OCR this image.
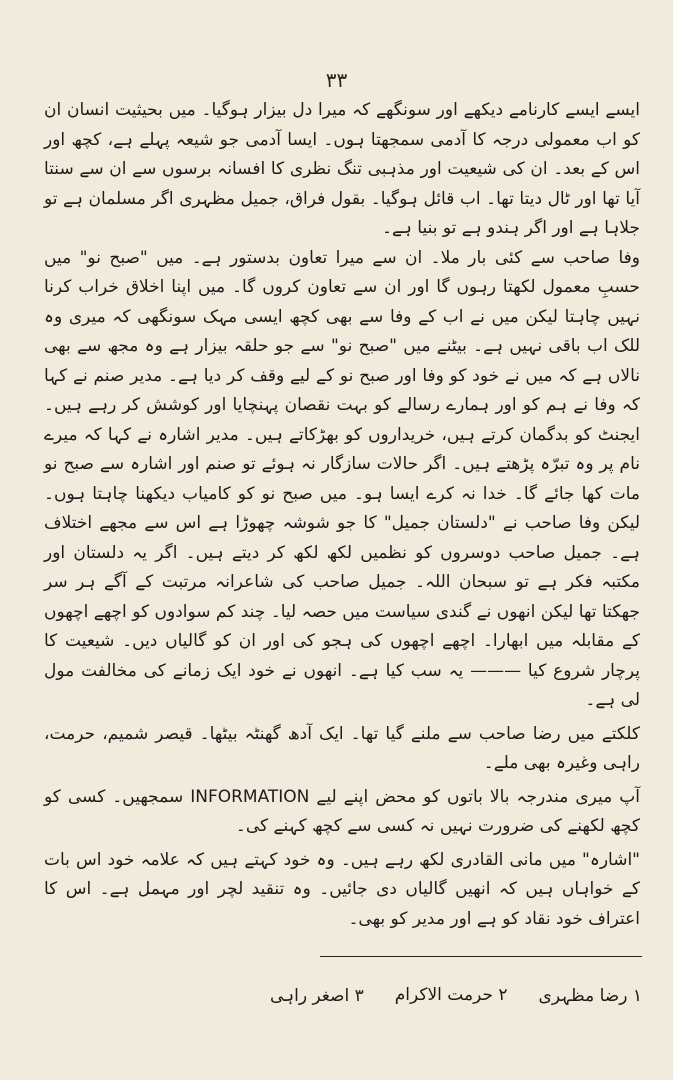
۳۳

ایسے ایسے کارنامے دیکھے اور سونگھے کہ میرا دل بیزار ہوگیا۔ میں بحیثیت انسان ان کو اب معمولی درجہ کا آدمی سمجھتا ہوں۔ ایسا آدمی جو شیعہ پہلے ہے، کچھ اور اس کے بعد۔ ان کی شیعیت اور مذہبی تنگ نظری کا افسانہ برسوں سے ان سے سنتا آیا تھا اور ٹال دیتا تھا۔ اب قائل ہوگیا۔ بقول فراق، جمیل مظہری اگر مسلمان ہے تو جلاہا ہے اور اگر ہندو ہے تو بنیا ہے۔

وفا صاحب سے کئی بار ملا۔ ان سے میرا تعاون بدستور ہے۔ میں "صبح نو" میں حسبِ معمول لکھتا رہوں گا اور ان سے تعاون کروں گا۔ میں اپنا اخلاق خراب کرنا نہیں چاہتا لیکن میں نے اب کے وفا سے بھی کچھ ایسی مہک سونگھی کہ میری وہ للک اب باقی نہیں ہے۔ بیٹنے میں "صبح نو" سے جو حلقہ بیزار ہے وہ مجھ سے بھی نالاں ہے کہ میں نے خود کو وفا اور صبح نو کے لیے وقف کر دیا ہے۔ مدیر صنم نے کہا کہ وفا نے ہم کو اور ہمارے رسالے کو بہت نقصان پہنچایا اور کوشش کر رہے ہیں۔ ایجنٹ کو بدگمان کرتے ہیں، خریداروں کو بھڑکاتے ہیں۔ مدیر اشارہ نے کہا کہ میرے نام پر وہ تبرّہ پڑھتے ہیں۔ اگر حالات سازگار نہ ہوئے تو صنم اور اشارہ سے صبح نو مات کھا جائے گا۔ خدا نہ کرے ایسا ہو۔ میں صبح نو کو کامیاب دیکھنا چاہتا ہوں۔ لیکن وفا صاحب نے "دلستان جمیل" کا جو شوشہ چھوڑا ہے اس سے مجھے اختلاف ہے۔ جمیل صاحب دوسروں کو نظمیں لکھ لکھ کر دیتے ہیں۔ اگر یہ دلستان اور مکتبہ فکر ہے تو سبحان اللہ۔ جمیل صاحب کی شاعرانہ مرتبت کے آگے ہر سر جھکتا تھا لیکن انھوں نے گندی سیاست میں حصہ لیا۔ چند کم سوادوں کو اچھے اچھوں کے مقابلہ میں ابھارا۔ اچھے اچھوں کی ہجو کی اور ان کو گالیاں دیں۔ شیعیت کا پرچار شروع کیا ——— یہ سب کیا ہے۔ انھوں نے خود ایک زمانے کی مخالفت مول لی ہے۔

کلکتے میں رضا صاحب سے ملنے گیا تھا۔ ایک آدھ گھنٹہ بیٹھا۔ قیصر شمیم، حرمت، راہی وغیرہ بھی ملے۔

آپ میری مندرجہ بالا باتوں کو محض اپنے لیے INFORMATION سمجھیں۔ کسی کو کچھ لکھنے کی ضرورت نہیں نہ کسی سے کچھ کہنے کی۔

"اشارہ" میں مانی القادری لکھ رہے ہیں۔ وہ خود کہتے ہیں کہ علامہ خود اس بات کے خواہاں ہیں کہ انھیں گالیاں دی جائیں۔ وہ تنقید لچر اور مہمل ہے۔ اس کا اعتراف خود نقاد کو ہے اور مدیر کو بھی۔

۱ رضا مظہری
۲ حرمت الاکرام
۳ اصغر راہی
